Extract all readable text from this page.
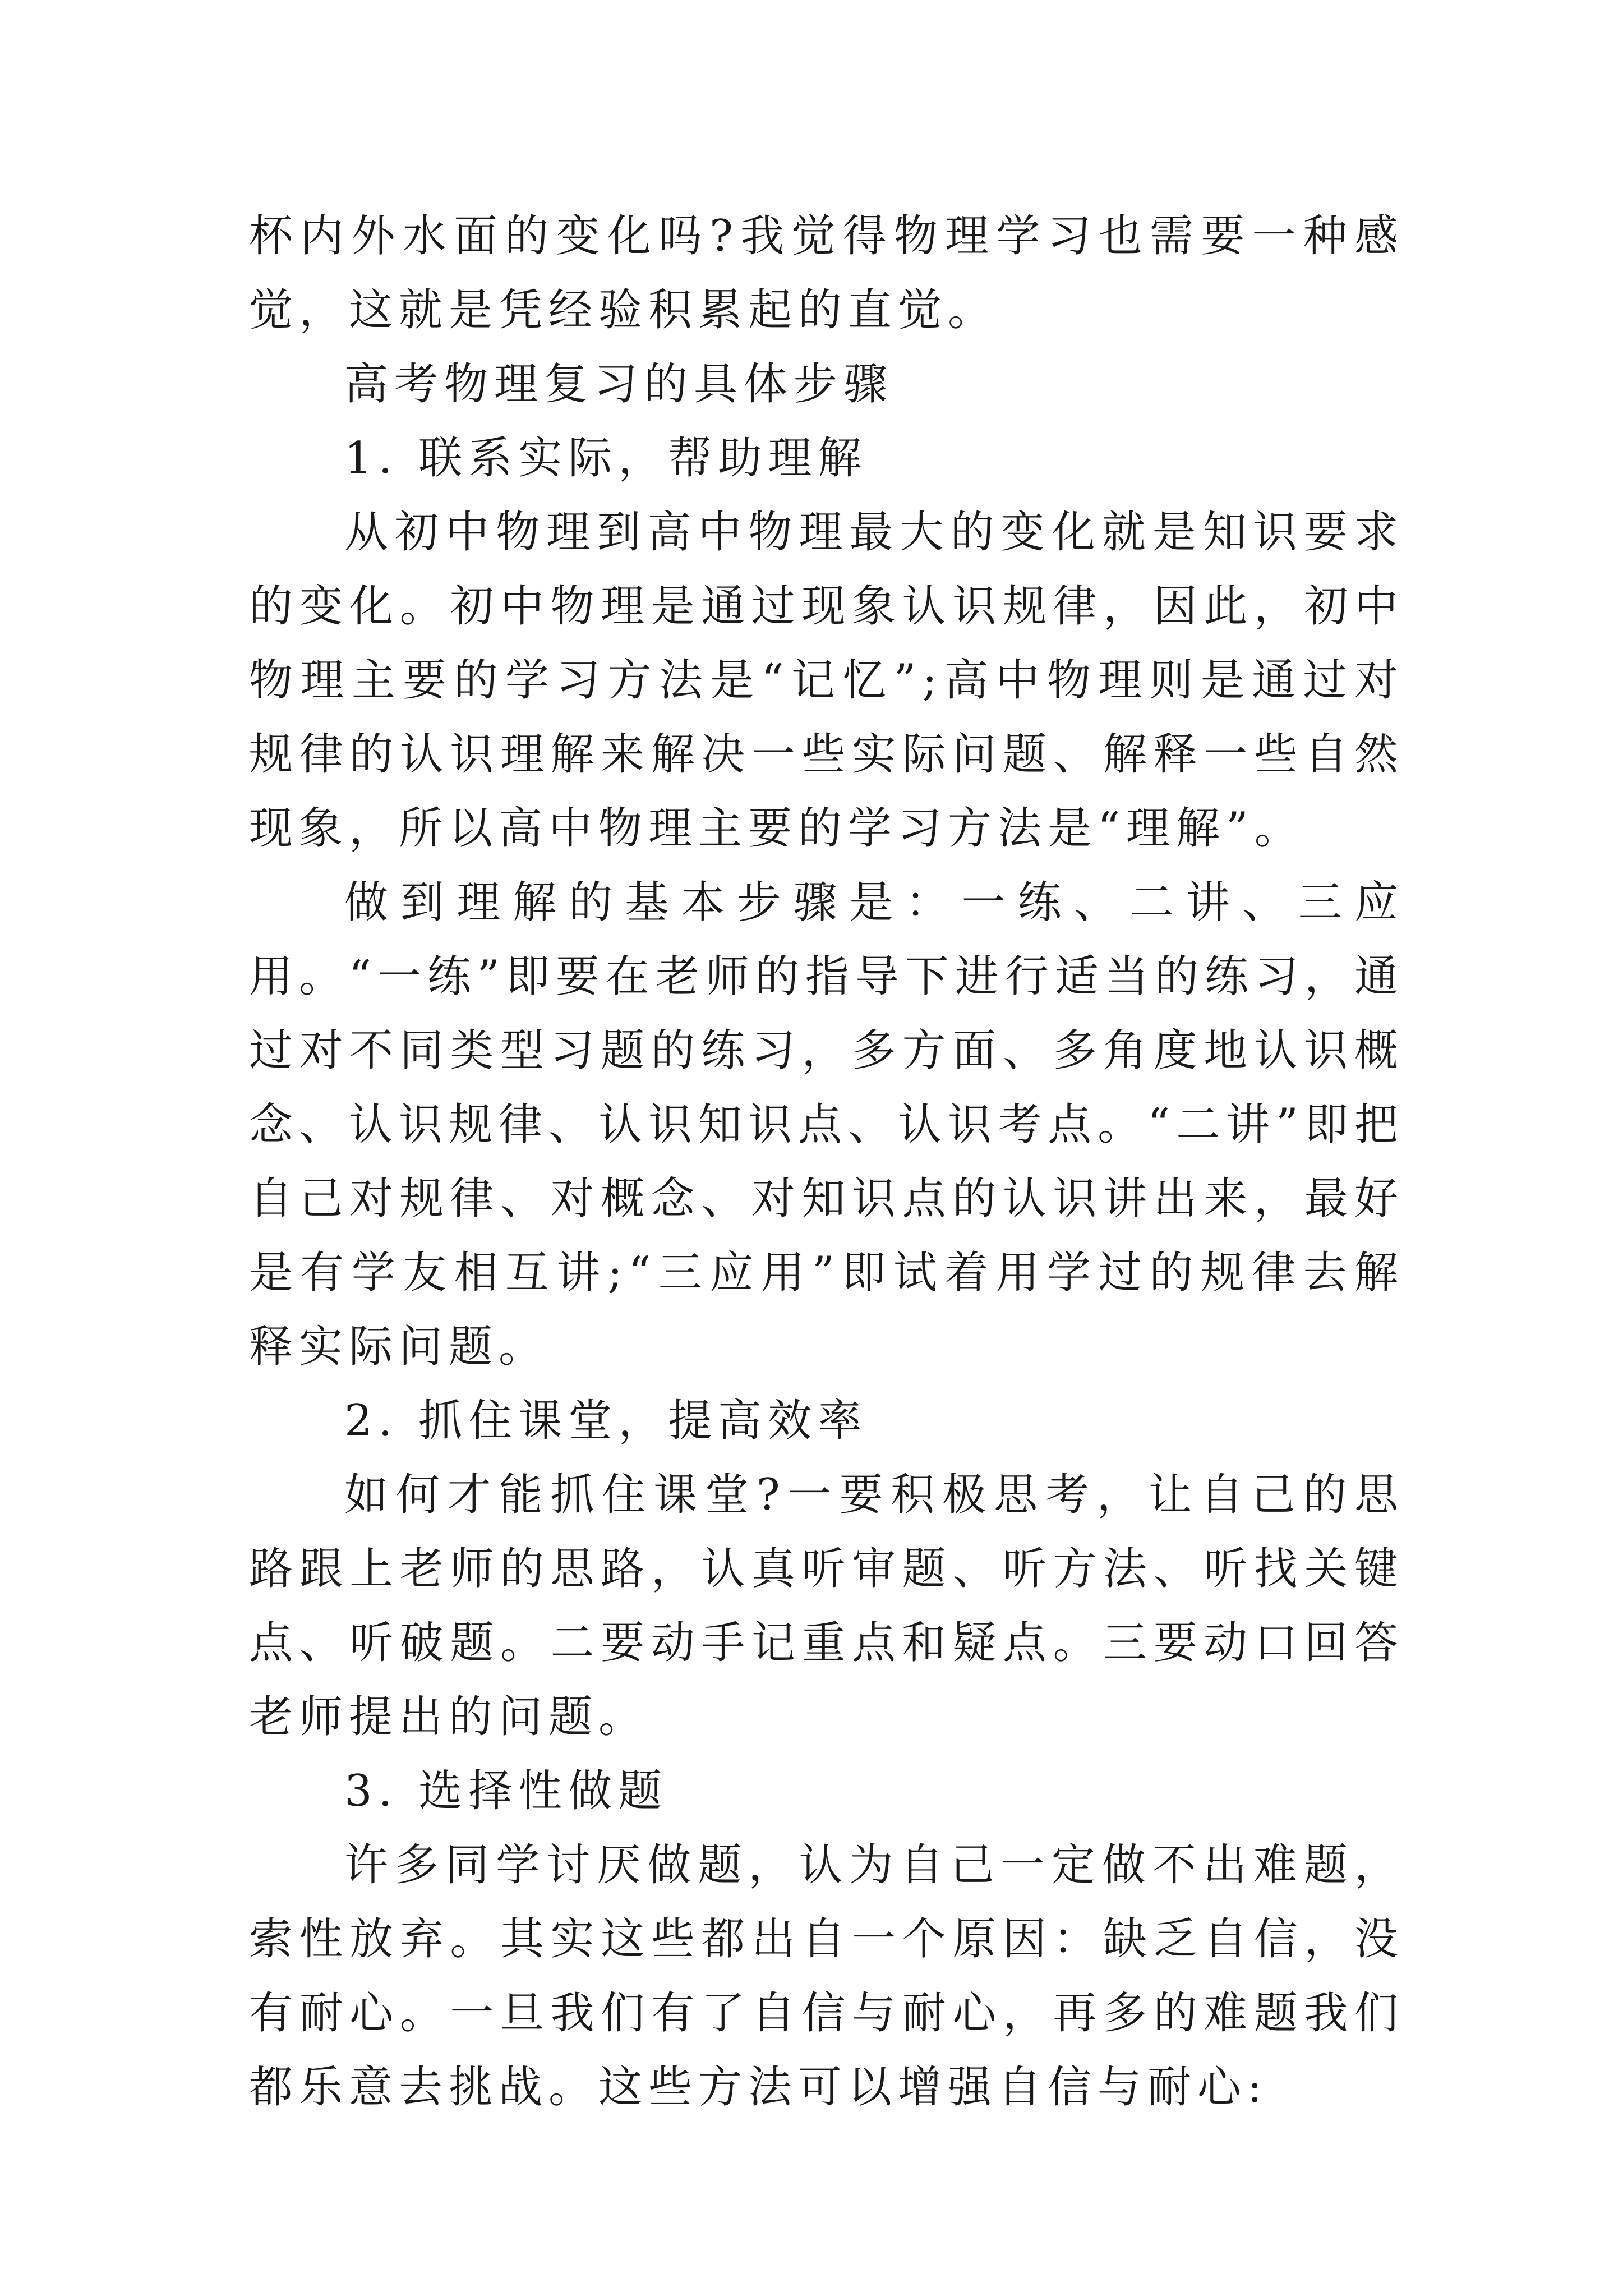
杯内外水面的变化吗?我觉得物理学习也需要一种感觉，这就是凭经验积累起的直觉。

高考物理复习的具体步骤

1. 联系实际，帮助理解

从初中物理到高中物理最大的变化就是知识要求的变化。初中物理是通过现象认识规律，因此，初中物理主要的学习方法是“记忆”;高中物理则是通过对规律的认识理解来解决一些实际问题、解释一些自然现象，所以高中物理主要的学习方法是“理解”。

做到理解的基本步骤是：一练、二讲、三应用。“一练”即要在老师的指导下进行适当的练习，通过对不同类型习题的练习，多方面、多角度地认识概念、认识规律、认识知识点、认识考点。“二讲”即把自己对规律、对概念、对知识点的认识讲出来，最好是有学友相互讲;“三应用”即试着用学过的规律去解释实际问题。

2. 抓住课堂，提高效率

如何才能抓住课堂?一要积极思考，让自己的思路跟上老师的思路，认真听审题、听方法、听找关键点、听破题。二要动手记重点和疑点。三要动口回答老师提出的问题。

3. 选择性做题

许多同学讨厌做题，认为自己一定做不出难题，索性放弃。其实这些都出自一个原因：缺乏自信，没有耐心。一旦我们有了自信与耐心，再多的难题我们都乐意去挑战。这些方法可以增强自信与耐心:
